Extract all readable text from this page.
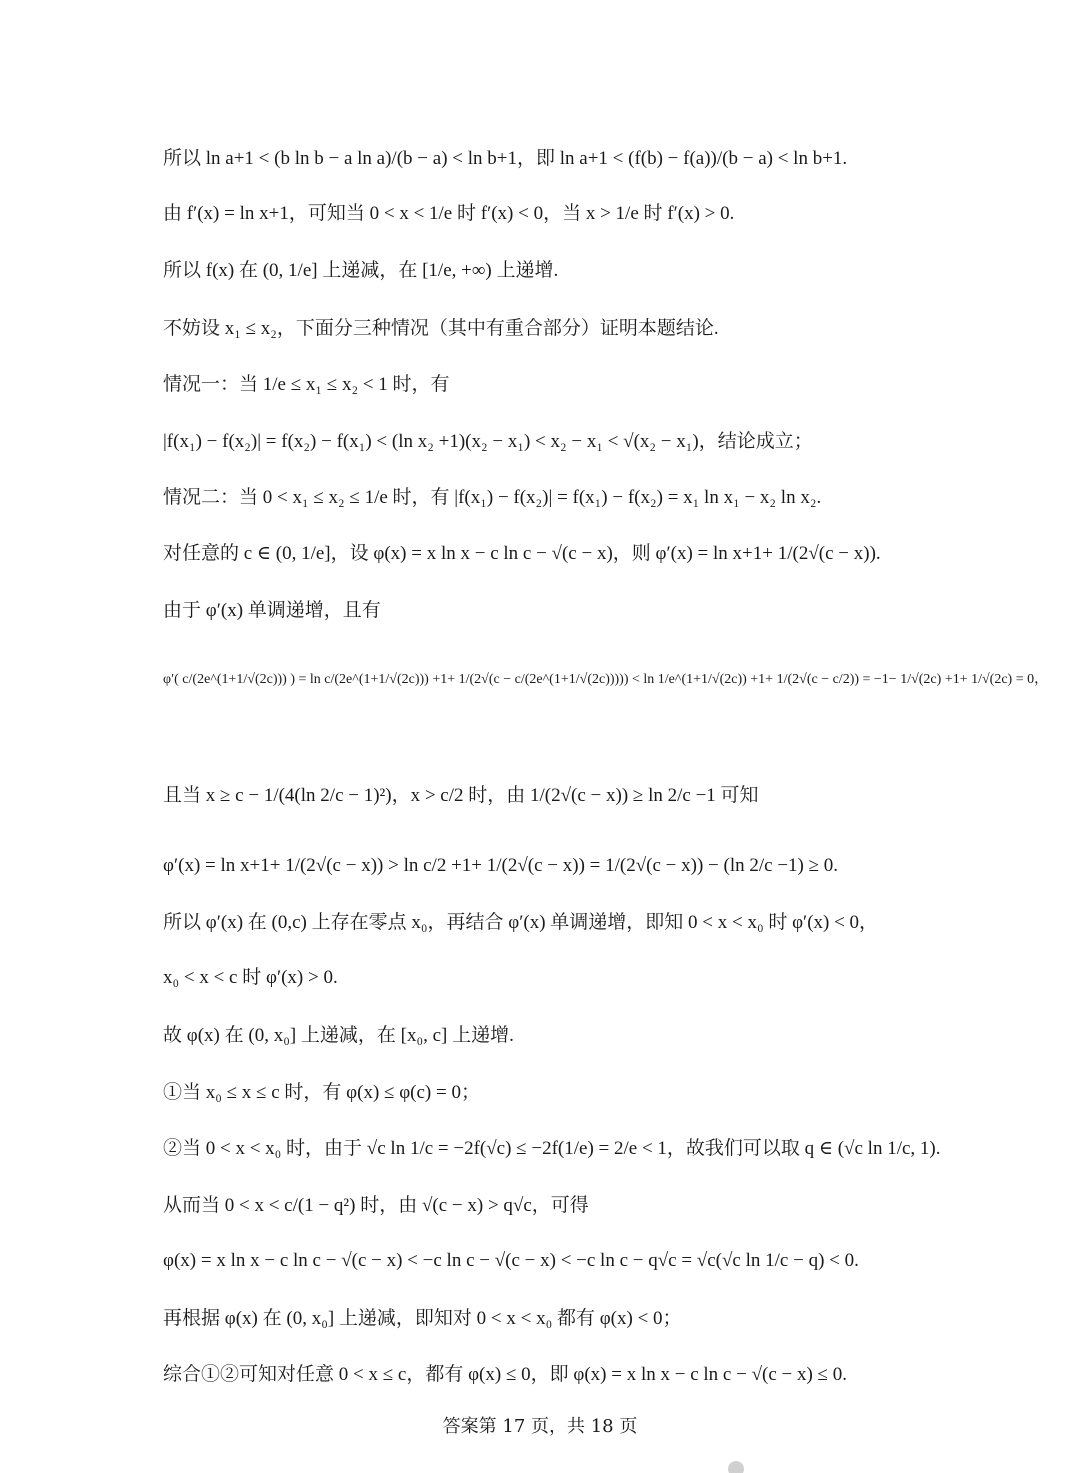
所以 ln a+1 < (b ln b − a ln a)/(b − a) < ln b+1，即 ln a+1 < (f(b) − f(a))/(b − a) < ln b+1.
由 f′(x) = ln x+1，可知当 0 < x < 1/e 时 f′(x) < 0，当 x > 1/e 时 f′(x) > 0.
所以 f(x) 在 (0, 1/e] 上递减，在 [1/e, +∞) 上递增.
不妨设 x₁ ≤ x₂，下面分三种情况（其中有重合部分）证明本题结论.
情况一：当 1/e ≤ x₁ ≤ x₂ < 1 时，有
|f(x₁) − f(x₂)| = f(x₂) − f(x₁) < (ln x₂ +1)(x₂ − x₁) < x₂ − x₁ < √(x₂ − x₁)，结论成立；
情况二：当 0 < x₁ ≤ x₂ ≤ 1/e 时，有 |f(x₁) − f(x₂)| = f(x₁) − f(x₂) = x₁ ln x₁ − x₂ ln x₂.
对任意的 c ∈ (0, 1/e]，设 φ(x) = x ln x − c ln c − √(c − x)，则 φ′(x) = ln x+1+ 1/(2√(c − x)).
由于 φ′(x) 单调递增，且有
φ′( c/(2e^(1+1/√(2c))) ) = ln c/(2e^(1+1/√(2c))) +1+ 1/(2√(c − c/(2e^(1+1/√(2c))))) < ln 1/e^(1+1/√(2c)) +1+ 1/(2√(c − c/2)) = −1− 1/√(2c) +1+ 1/√(2c) = 0，
且当 x ≥ c − 1/(4(ln 2/c − 1)²)，x > c/2 时，由 1/(2√(c − x)) ≥ ln 2/c −1 可知
φ′(x) = ln x+1+ 1/(2√(c − x)) > ln c/2 +1+ 1/(2√(c − x)) = 1/(2√(c − x)) − (ln 2/c −1) ≥ 0.
所以 φ′(x) 在 (0,c) 上存在零点 x₀，再结合 φ′(x) 单调递增，即知 0 < x < x₀ 时 φ′(x) < 0，
x₀ < x < c 时 φ′(x) > 0.
故 φ(x) 在 (0, x₀] 上递减，在 [x₀, c] 上递增.
①当 x₀ ≤ x ≤ c 时，有 φ(x) ≤ φ(c) = 0；
②当 0 < x < x₀ 时，由于 √c ln 1/c = −2f(√c) ≤ −2f(1/e) = 2/e < 1，故我们可以取 q ∈ (√c ln 1/c, 1).
从而当 0 < x < c/(1 − q²) 时，由 √(c − x) > q√c，可得
φ(x) = x ln x − c ln c − √(c − x) < −c ln c − √(c − x) < −c ln c − q√c = √c(√c ln 1/c − q) < 0.
再根据 φ(x) 在 (0, x₀] 上递减，即知对 0 < x < x₀ 都有 φ(x) < 0；
综合①②可知对任意 0 < x ≤ c，都有 φ(x) ≤ 0，即 φ(x) = x ln x − c ln c − √(c − x) ≤ 0.
答案第 17 页，共 18 页
